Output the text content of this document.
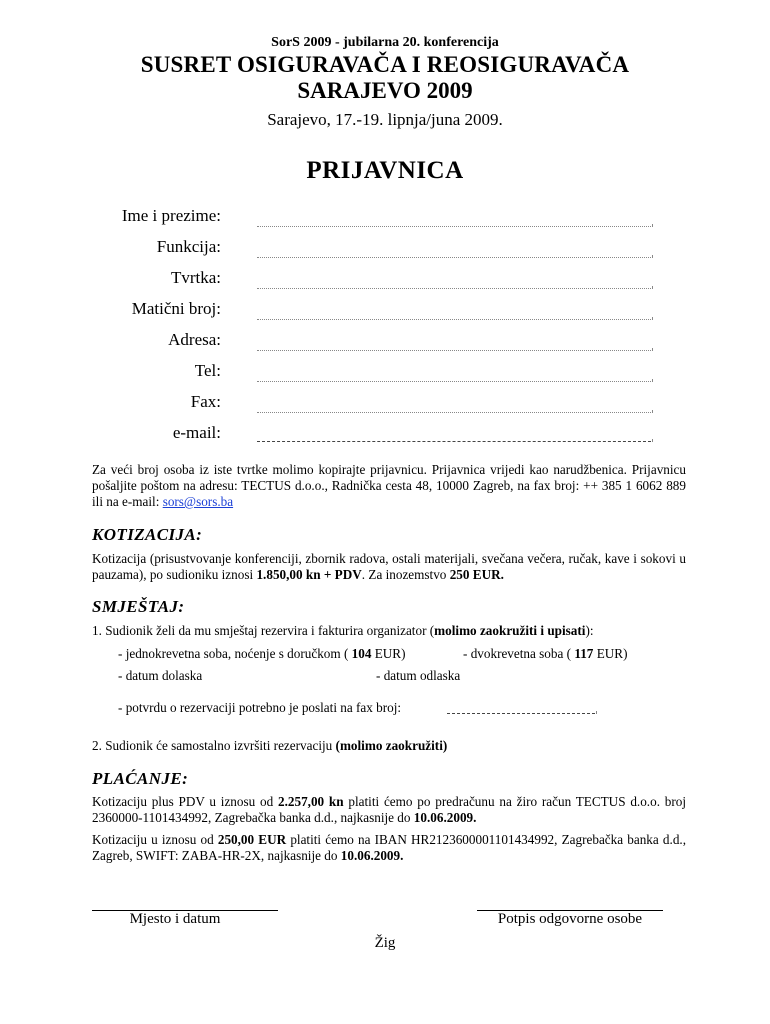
SorS 2009 - jubilarna 20. konferencija
SUSRET OSIGURAVAČA I REOSIGURAVAČA
SARAJEVO 2009
Sarajevo, 17.-19. lipnja/juna 2009.
PRIJAVNICA
Ime i prezime:
Funkcija:
Tvrtka:
Matični broj:
Adresa:
Tel:
Fax:
e-mail:
Za veći broj osoba iz iste tvrtke molimo kopirajte prijavnicu. Prijavnica vrijedi kao narudžbenica. Prijavnicu pošaljite poštom na adresu: TECTUS d.o.o., Radnička cesta 48, 10000 Zagreb, na fax broj: ++ 385 1 6062 889 ili na e-mail: sors@sors.ba
KOTIZACIJA:
Kotizacija (prisustvovanje konferenciji, zbornik radova, ostali materijali, svečana večera, ručak, kave i sokovi u pauzama), po sudioniku iznosi 1.850,00 kn + PDV. Za inozemstvo 250 EUR.
SMJEŠTAJ:
1. Sudionik želi da mu smještaj rezervira i fakturira organizator (molimo zaokružiti i upisati):
- jednokrevetna soba, noćenje s doručkom ( 104 EUR)	- dvokrevetna soba ( 117 EUR)
- datum dolaska	- datum odlaska
- potvrdu o rezervaciji potrebno je poslati na fax broj:
2. Sudionik će samostalno izvršiti rezervaciju (molimo zaokružiti)
PLAĆANJE:
Kotizaciju plus PDV u iznosu od 2.257,00 kn platiti ćemo po predračunu na žiro račun TECTUS d.o.o. broj 2360000-1101434992, Zagrebačka banka d.d., najkasnije do 10.06.2009.
Kotizaciju u iznosu od 250,00 EUR platiti ćemo na IBAN HR2123600001101434992, Zagrebačka banka d.d., Zagreb, SWIFT: ZABA-HR-2X, najkasnije do 10.06.2009.
Mjesto i datum	Potpis odgovorne osobe
Žig
